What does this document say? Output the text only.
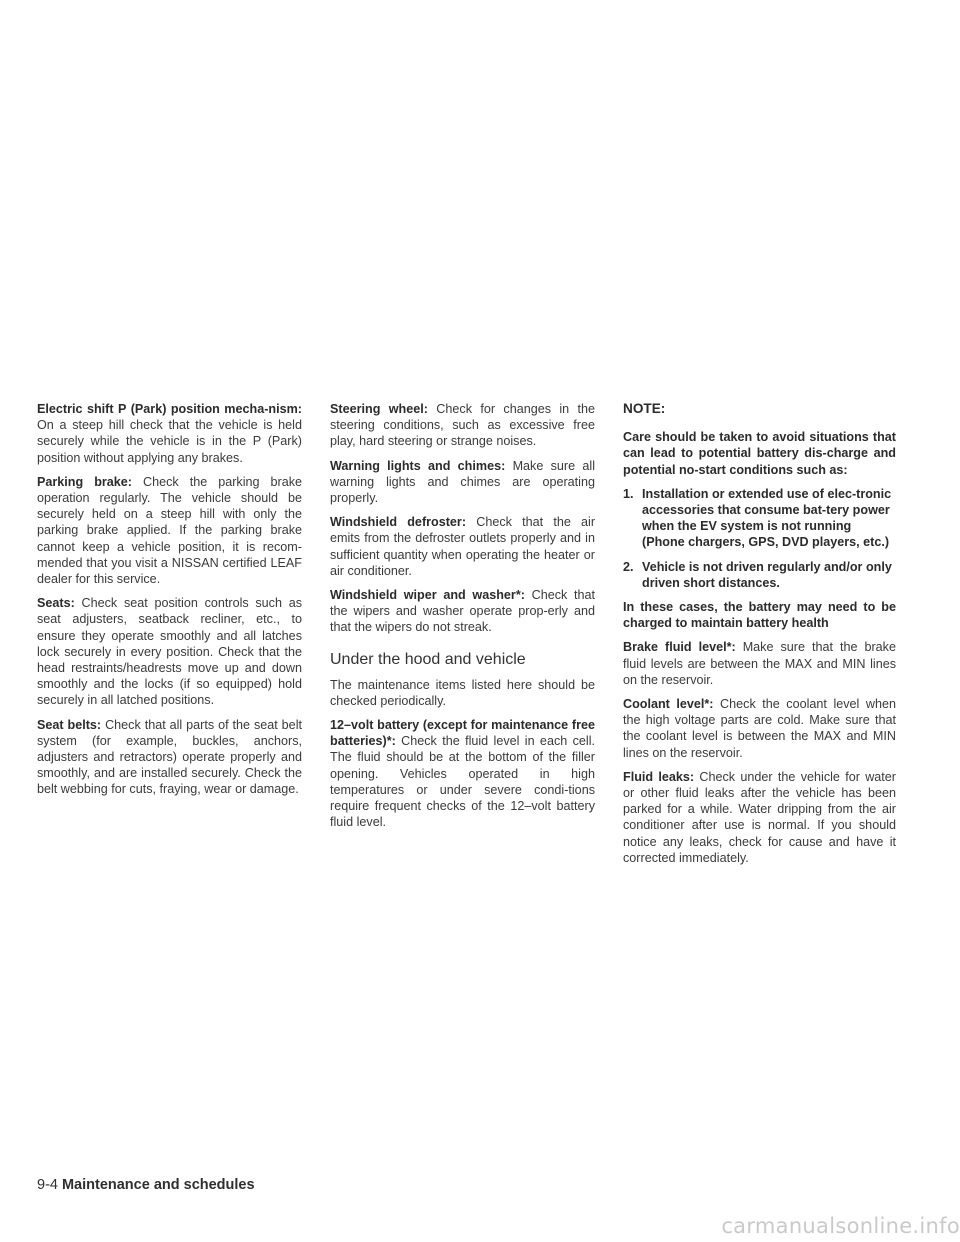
Electric shift P (Park) position mecha-nism: On a steep hill check that the vehicle is held securely while the vehicle is in the P (Park) position without applying any brakes.

Parking brake: Check the parking brake operation regularly. The vehicle should be securely held on a steep hill with only the parking brake applied. If the parking brake cannot keep a vehicle position, it is recom-mended that you visit a NISSAN certified LEAF dealer for this service.

Seats: Check seat position controls such as seat adjusters, seatback recliner, etc., to ensure they operate smoothly and all latches lock securely in every position. Check that the head restraints/headrests move up and down smoothly and the locks (if so equipped) hold securely in all latched positions.

Seat belts: Check that all parts of the seat belt system (for example, buckles, anchors, adjusters and retractors) operate properly and smoothly, and are installed securely. Check the belt webbing for cuts, fraying, wear or damage.

Steering wheel: Check for changes in the steering conditions, such as excessive free play, hard steering or strange noises.

Warning lights and chimes: Make sure all warning lights and chimes are operating properly.

Windshield defroster: Check that the air emits from the defroster outlets properly and in sufficient quantity when operating the heater or air conditioner.

Windshield wiper and washer*: Check that the wipers and washer operate prop-erly and that the wipers do not streak.

Under the hood and vehicle

The maintenance items listed here should be checked periodically.

12–volt battery (except for maintenance free batteries)*: Check the fluid level in each cell. The fluid should be at the bottom of the filler opening. Vehicles operated in high temperatures or under severe condi-tions require frequent checks of the 12–volt battery fluid level.

NOTE:

Care should be taken to avoid situations that can lead to potential battery dis-charge and potential no-start conditions such as:

1. Installation or extended use of elec-tronic accessories that consume bat-tery power when the EV system is not running (Phone chargers, GPS, DVD players, etc.)
2. Vehicle is not driven regularly and/or only driven short distances.

In these cases, the battery may need to be charged to maintain battery health

Brake fluid level*: Make sure that the brake fluid levels are between the MAX and MIN lines on the reservoir.

Coolant level*: Check the coolant level when the high voltage parts are cold. Make sure that the coolant level is between the MAX and MIN lines on the reservoir.

Fluid leaks: Check under the vehicle for water or other fluid leaks after the vehicle has been parked for a while. Water dripping from the air conditioner after use is normal. If you should notice any leaks, check for cause and have it corrected immediately.

9-4 Maintenance and schedules
carmanualsonline.info
